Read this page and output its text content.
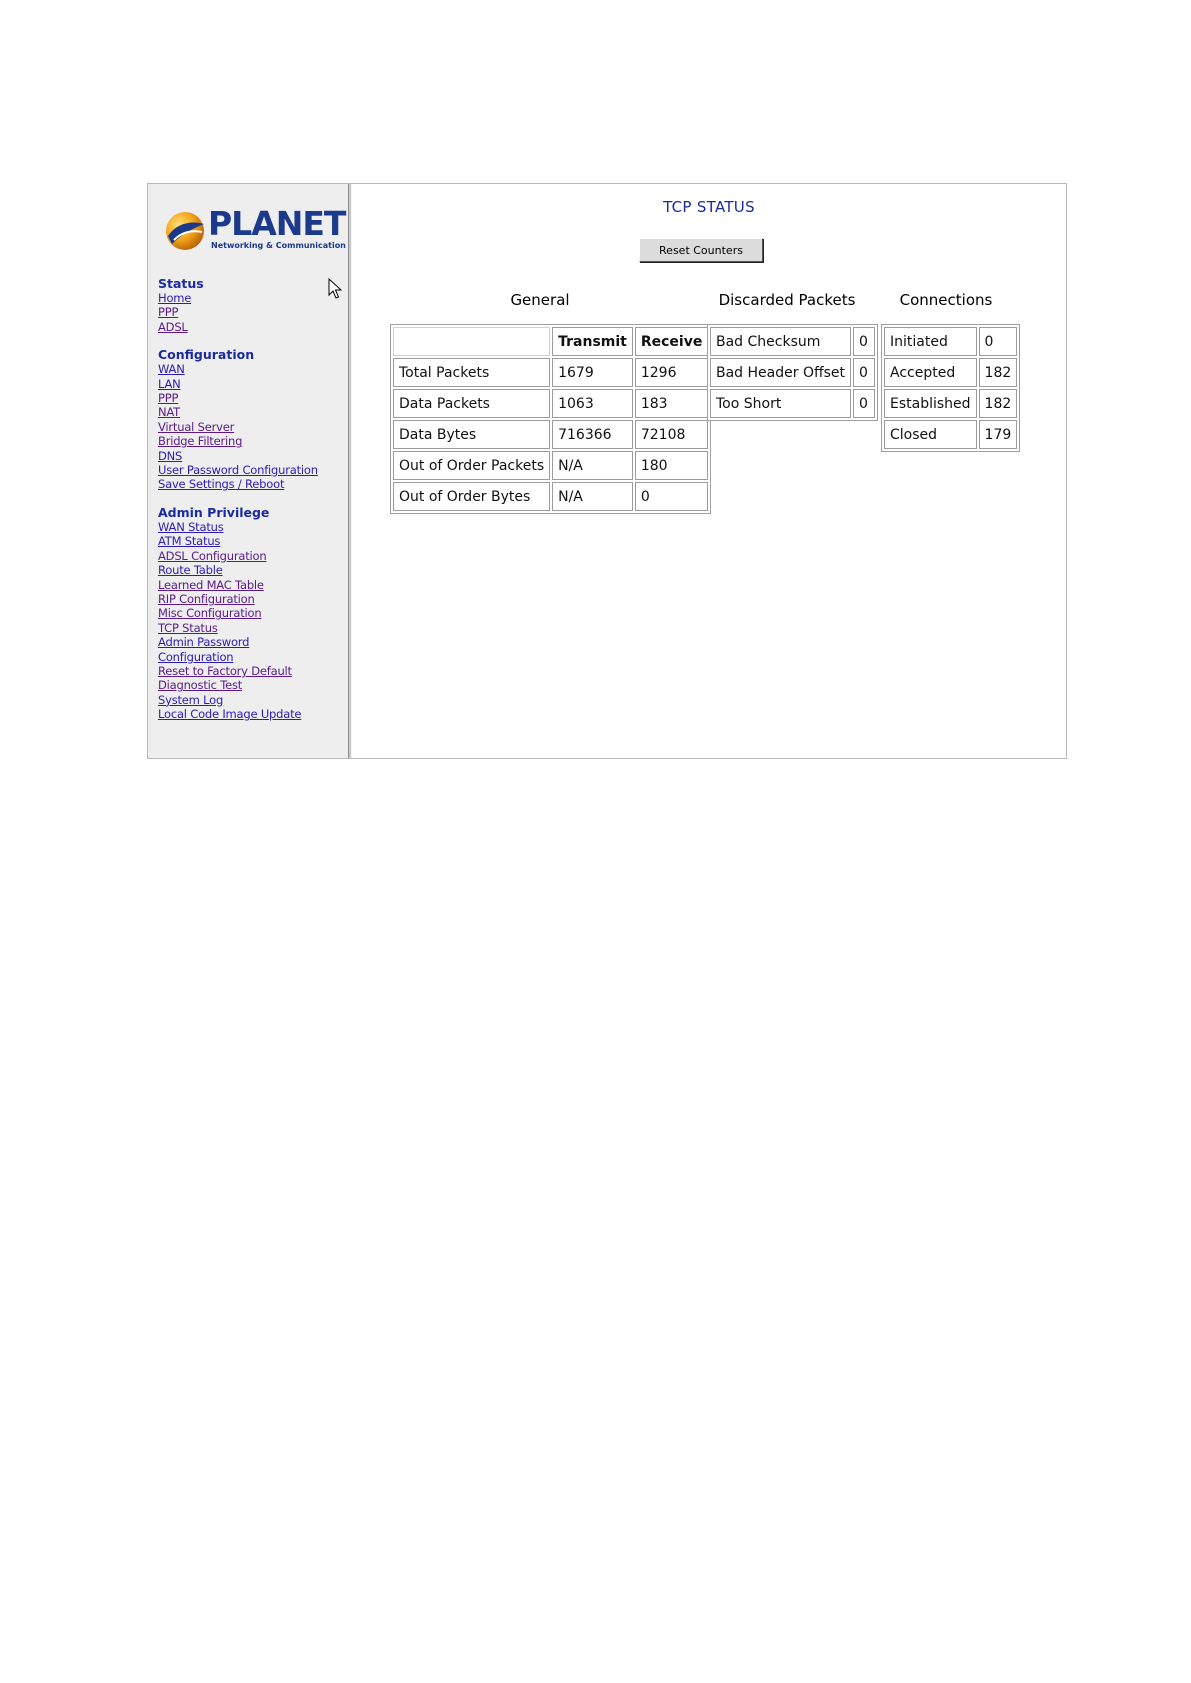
PLANET
Networking & Communication
Status
Home
PPP
ADSL
Configuration
WAN
LAN
PPP
NAT
Virtual Server
Bridge Filtering
DNS
User Password Configuration
Save Settings / Reboot
Admin Privilege
WAN Status
ATM Status
ADSL Configuration
Route Table
Learned MAC Table
RIP Configuration
Misc Configuration
TCP Status
Admin Password
Configuration
Reset to Factory Default
Diagnostic Test
System Log
Local Code Image Update
TCP STATUS
Reset Counters
General	Discarded Packets	Connections
	Transmit	Receive
Total Packets	1679	1296
Data Packets	1063	183
Data Bytes	716366	72108
Out of Order Packets	N/A	180
Out of Order Bytes	N/A	0
Bad Checksum	0
Bad Header Offset	0
Too Short	0
Initiated	0
Accepted	182
Established	182
Closed	179
